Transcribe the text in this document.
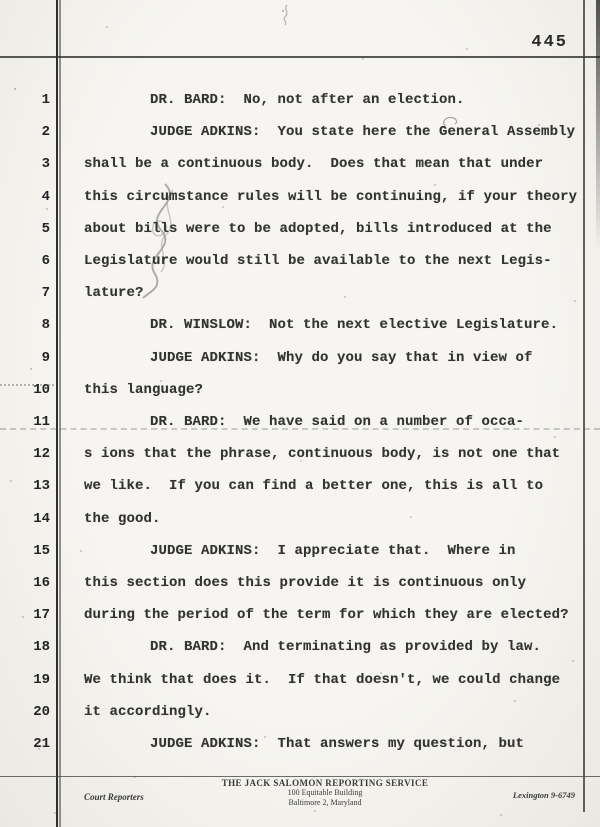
445
1	DR. BARD:  No, not after an election.
2	JUDGE ADKINS:  You state here the General Assembly
3 shall be a continuous body.  Does that mean that under
4 this circumstance rules will be continuing, if your theory
5 about bills were to be adopted, bills introduced at the
6 Legislature would still be available to the next Legis-
7 lature?
8	DR. WINSLOW:  Not the next elective Legislature.
9	JUDGE ADKINS:  Why do you say that in view of
10 this language?
11	DR. BARD:  We have said on a number of occa-
12 s ions that the phrase, continuous body, is not one that
13 we like.  If you can find a better one, this is all to
14 the good.
15	JUDGE ADKINS:  I appreciate that.  Where in
16 this section does this provide it is continuous only
17 during the period of the term for which they are elected?
18	DR. BARD:  And terminating as provided by law.
19 We think that does it.  If that doesn't, we could change
20 it accordingly.
21	JUDGE ADKINS:  That answers my question, but
Court Reporters
THE JACK SALOMON REPORTING SERVICE
100 Equitable Building
Baltimore 2, Maryland
Lexington 9-6749
